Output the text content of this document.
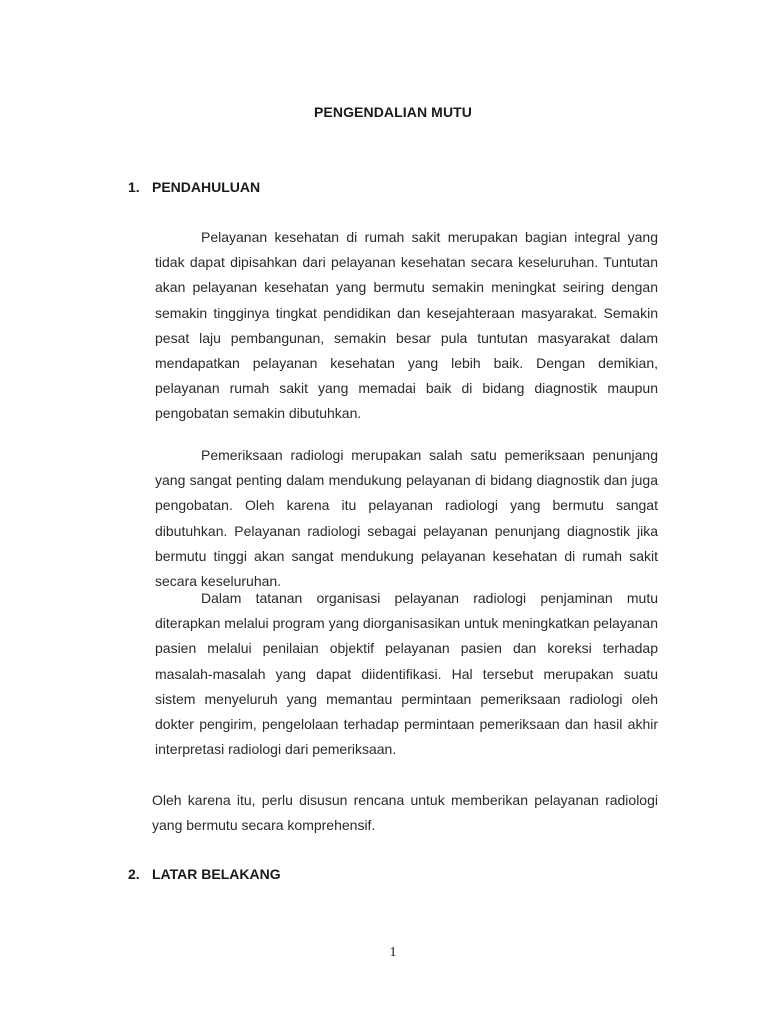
PENGENDALIAN MUTU
1. PENDAHULUAN

Pelayanan kesehatan di rumah sakit merupakan bagian integral yang tidak dapat dipisahkan dari pelayanan kesehatan secara keseluruhan. Tuntutan akan pelayanan kesehatan yang bermutu semakin meningkat seiring dengan semakin tingginya tingkat pendidikan dan kesejahteraan masyarakat. Semakin pesat laju pembangunan, semakin besar pula tuntutan masyarakat dalam mendapatkan pelayanan kesehatan yang lebih baik. Dengan demikian, pelayanan rumah sakit yang memadai baik di bidang diagnostik maupun pengobatan semakin dibutuhkan.

Pemeriksaan radiologi merupakan salah satu pemeriksaan penunjang yang sangat penting dalam mendukung pelayanan di bidang diagnostik dan juga pengobatan. Oleh karena itu pelayanan radiologi yang bermutu sangat dibutuhkan. Pelayanan radiologi sebagai pelayanan penunjang diagnostik jika bermutu tinggi akan sangat mendukung pelayanan kesehatan di rumah sakit secara keseluruhan.

Dalam tatanan organisasi pelayanan radiologi penjaminan mutu diterapkan melalui program yang diorganisasikan untuk meningkatkan pelayanan pasien melalui penilaian objektif pelayanan pasien dan koreksi terhadap masalah-masalah yang dapat diidentifikasi. Hal tersebut merupakan suatu sistem menyeluruh yang memantau permintaan pemeriksaan radiologi oleh dokter pengirim, pengelolaan terhadap permintaan pemeriksaan dan hasil akhir interpretasi radiologi dari pemeriksaan.

Oleh karena itu, perlu disusun rencana untuk memberikan pelayanan radiologi yang bermutu secara komprehensif.

2. LATAR BELAKANG
1
